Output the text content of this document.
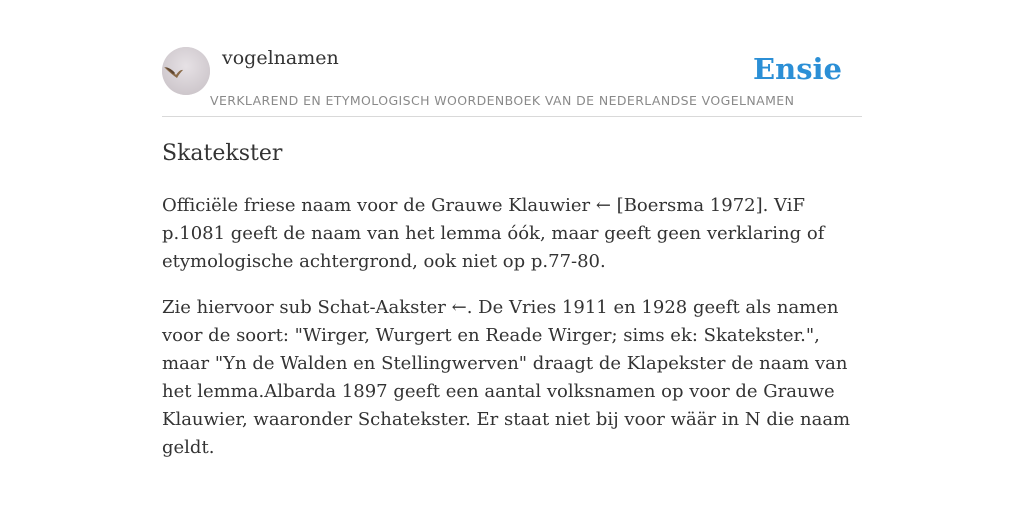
vogelnamen
VERKLAREND EN ETYMOLOGISCH WOORDENBOEK VAN DE NEDERLANDSE VOGELNAMEN
Ensie
Skatekster

Officiële friese naam voor de Grauwe Klauwier ← [Boersma 1972]. ViF p.1081 geeft de naam van het lemma óók, maar geeft geen verklaring of etymologische achtergrond, ook niet op p.77-80.

Zie hiervoor sub Schat-Aakster ←. De Vries 1911 en 1928 geeft als namen voor de soort: "Wirger, Wurgert en Reade Wirger; sims ek: Skatekster.", maar "Yn de Walden en Stellingwerven" draagt de Klapekster de naam van het lemma.Albarda 1897 geeft een aantal volksnamen op voor de Grauwe Klauwier, waaronder Schatekster. Er staat niet bij voor wäär in N die naam geldt.
